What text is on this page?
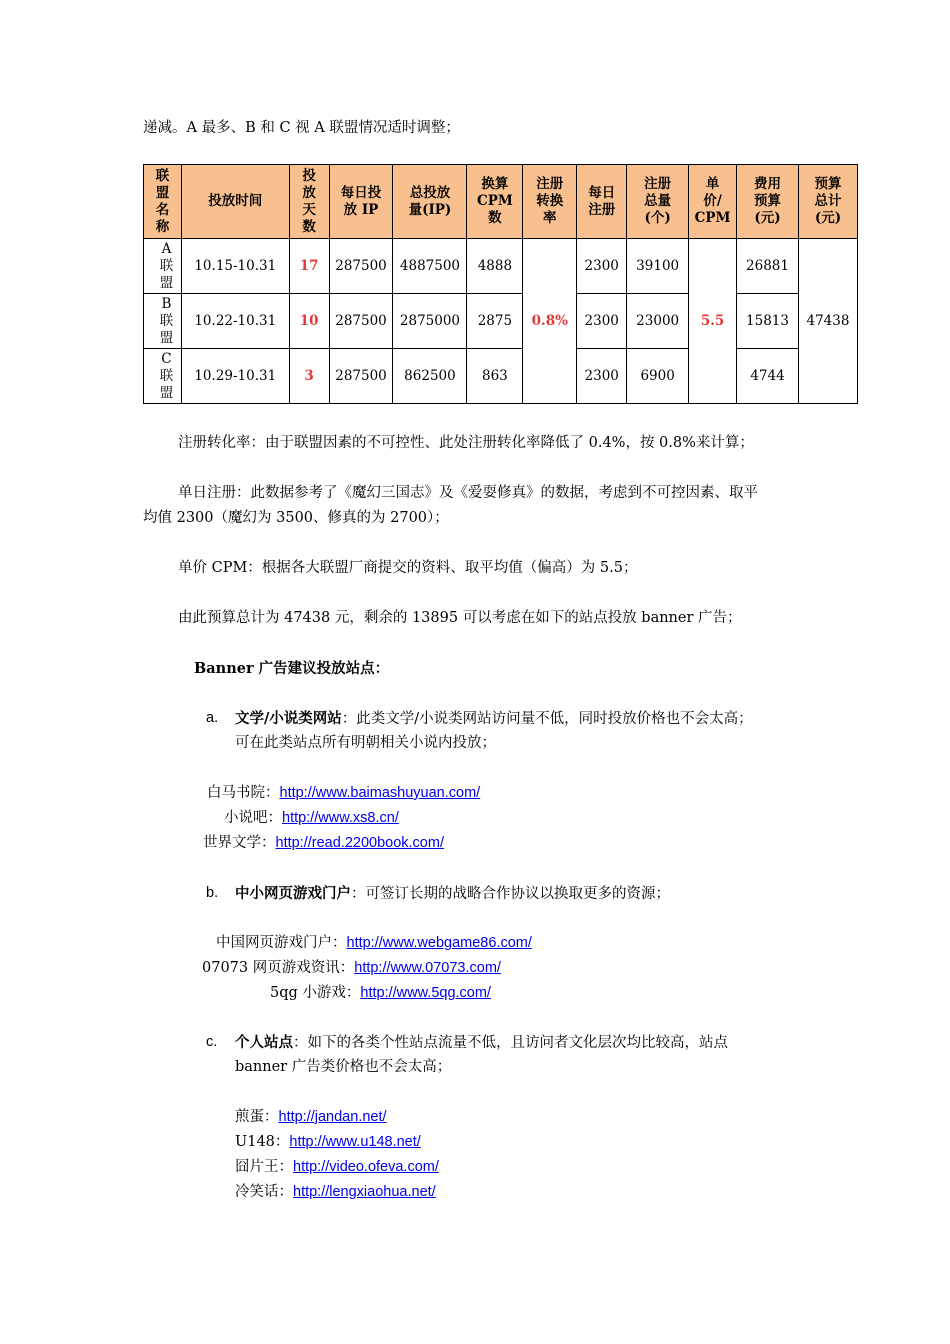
递减。A 最多、B 和 C 视 A 联盟情况适时调整；
联
盟
名
称	投放时间	投
放
天
数	每日投
放 IP	总投放
量(IP)	换算
CPM
数	注册
转换
率	每日
注册	注册
总量
(个)	单
价/
CPM	费用
预算
(元)	预算
总计
(元)
A
联
盟	10.15-10.31	17	287500	4887500	4888	0.8%	2300	39100	5.5	26881	47438
B
联
盟	10.22-10.31	10	287500	2875000	2875		2300	23000		15813	
C
联
盟	10.29-10.31	3	287500	862500	863		2300	6900		4744	
注册转化率：由于联盟因素的不可控性、此处注册转化率降低了 0.4%，按 0.8%来计算；
单日注册：此数据参考了《魔幻三国志》及《爱耍修真》的数据，考虑到不可控因素、取平
均值 2300（魔幻为 3500、修真的为 2700）；
单价 CPM：根据各大联盟厂商提交的资料、取平均值（偏高）为 5.5；
由此预算总计为 47438 元，剩余的 13895 可以考虑在如下的站点投放 banner 广告；
Banner 广告建议投放站点：
a. 文学/小说类网站：此类文学/小说类网站访问量不低，同时投放价格也不会太高；
可在此类站点所有明朝相关小说内投放；
白马书院：http://www.baimashuyuan.com/
小说吧：http://www.xs8.cn/
世界文学：http://read.2200book.com/
b. 中小网页游戏门户：可签订长期的战略合作协议以换取更多的资源；
中国网页游戏门户：http://www.webgame86.com/
07073 网页游戏资讯：http://www.07073.com/
5qg 小游戏：http://www.5qg.com/
c. 个人站点：如下的各类个性站点流量不低，且访问者文化层次均比较高，站点
banner 广告类价格也不会太高；
煎蛋：http://jandan.net/
U148：http://www.u148.net/
囧片王：http://video.ofeva.com/
冷笑话：http://lengxiaohua.net/
